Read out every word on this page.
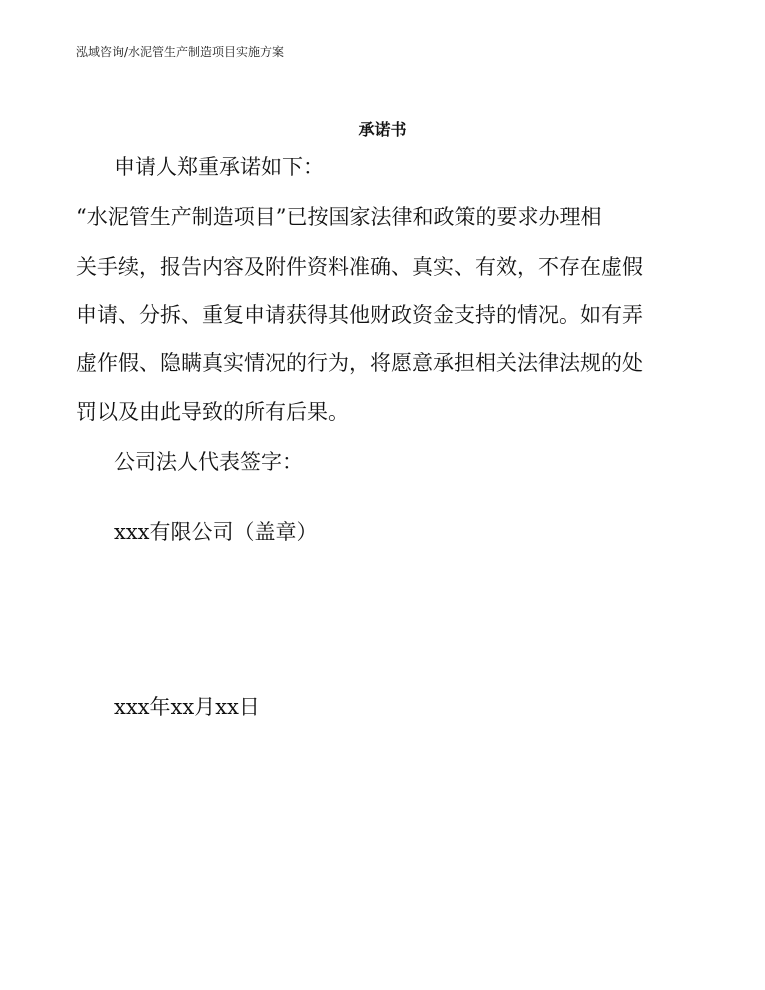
泓域咨询/水泥管生产制造项目实施方案
承诺书
申请人郑重承诺如下：
“水泥管生产制造项目”已按国家法律和政策的要求办理相
关手续，报告内容及附件资料准确、真实、有效，不存在虚假
申请、分拆、重复申请获得其他财政资金支持的情况。如有弄
虚作假、隐瞒真实情况的行为，将愿意承担相关法律法规的处
罚以及由此导致的所有后果。
公司法人代表签字：
xxx有限公司（盖章）
xxx年xx月xx日
